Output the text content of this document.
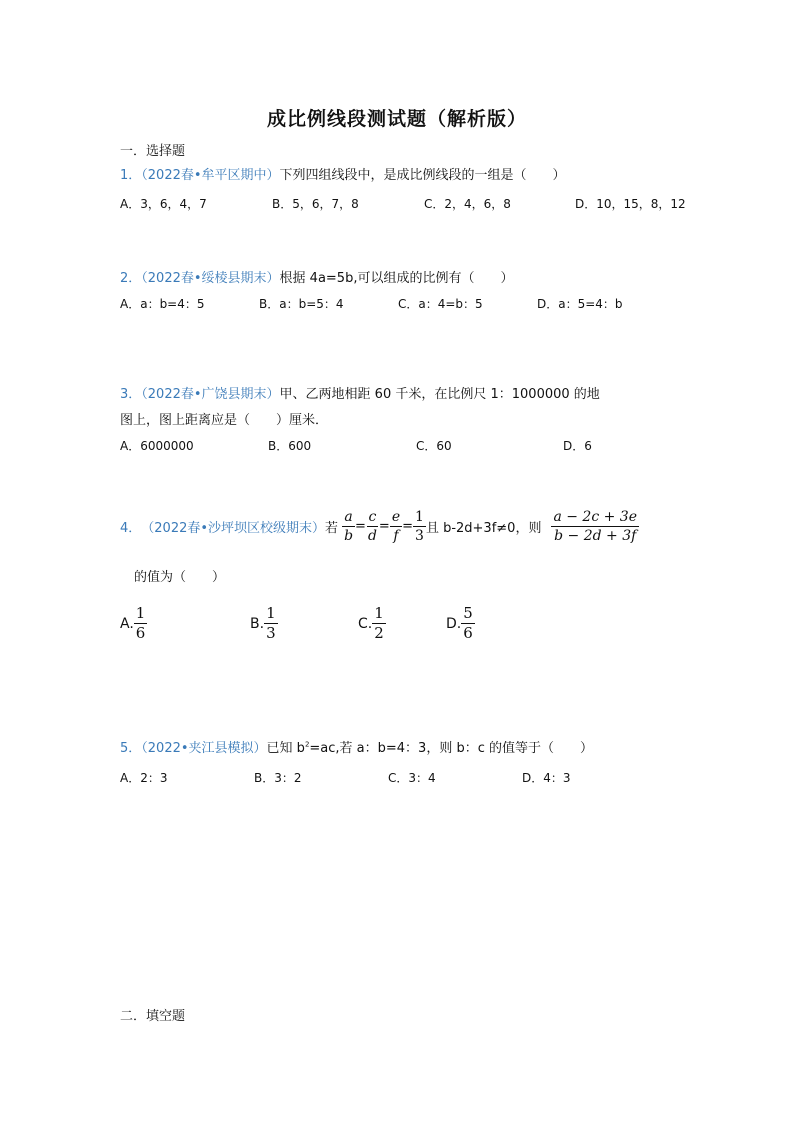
成比例线段测试题（解析版）
一．选择题
1．（2022春•牟平区期中）下列四组线段中，是成比例线段的一组是（　　）
A．3，6，4，7	B．5，6，7，8	C．2，4，6，8	D．10，15，8，12
2．（2022春•绥棱县期末）根据 4a=5b,可以组成的比例有（　　）
A．a：b=4：5	B．a：b=5：4	C．a：4=b：5	D．a：5=4：b
3．（2022春•广饶县期末）甲、乙两地相距 60 千米，在比例尺 1：1000000 的地
图上，图上距离应是（　　）厘米．
A．6000000	B．600	C．60	D．6
4． （2022春•沙坪坝区校级期末） 若 $\frac{a}{b} = \frac{c}{d} = \frac{e}{f} = \frac{1}{3}$ 且 b-2d+3f≠0，则 $\frac{a - 2c + 3e}{b - 2d + 3f}$
的值为（　　）
A. $\frac{1}{6}$	B. $\frac{1}{3}$	C. $\frac{1}{2}$	D. $\frac{5}{6}$
5．（2022•夹江县模拟）已知 $b^2=ac$,若 a：b=4：3，则 b：c 的值等于（　　）
A．2：3	B．3：2	C．3：4	D．4：3
二．填空题
